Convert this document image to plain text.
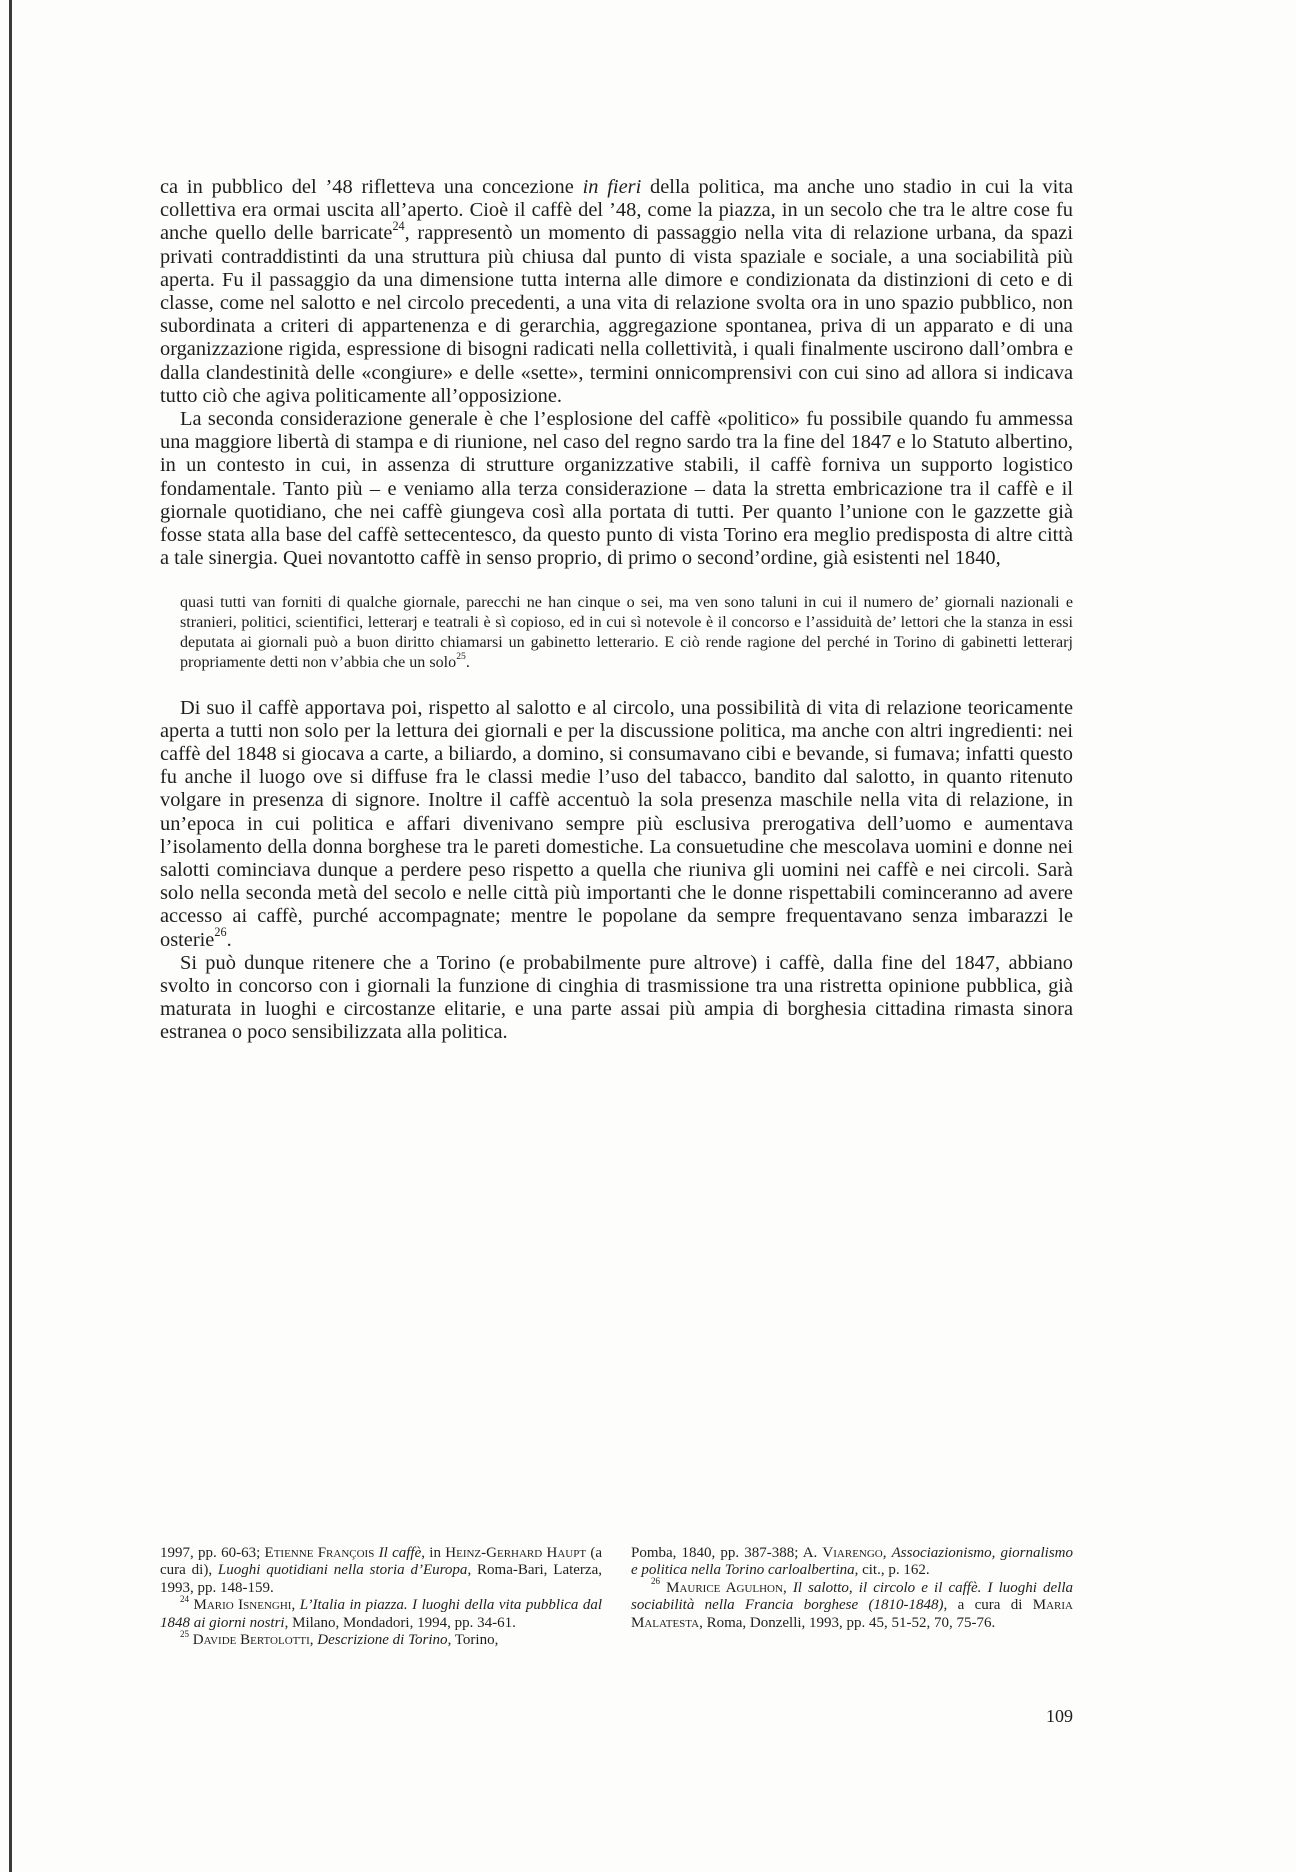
ca in pubblico del ’48 rifletteva una concezione in fieri della politica, ma anche uno stadio in cui la vita collettiva era ormai uscita all’aperto. Cioè il caffè del ’48, come la piazza, in un secolo che tra le altre cose fu anche quello delle barricate$^{24}$, rappresentò un momento di passaggio nella vita di relazione urbana, da spazi privati contraddistinti da una struttura più chiusa dal punto di vista spaziale e sociale, a una sociabilità più aperta. Fu il passaggio da una dimensione tutta interna alle dimore e condizionata da distinzioni di ceto e di classe, come nel salotto e nel circolo precedenti, a una vita di relazione svolta ora in uno spazio pubblico, non subordinata a criteri di appartenenza e di gerarchia, aggregazione spontanea, priva di un apparato e di una organizzazione rigida, espressione di bisogni radicati nella collettività, i quali finalmente uscirono dall’ombra e dalla clandestinità delle «congiure» e delle «sette», termini onnicomprensivi con cui sino ad allora si indicava tutto ciò che agiva politicamente all’opposizione.

La seconda considerazione generale è che l’esplosione del caffè «politico» fu possibile quando fu ammessa una maggiore libertà di stampa e di riunione, nel caso del regno sardo tra la fine del 1847 e lo Statuto albertino, in un contesto in cui, in assenza di strutture organizzative stabili, il caffè forniva un supporto logistico fondamentale. Tanto più – e veniamo alla terza considerazione – data la stretta embricazione tra il caffè e il giornale quotidiano, che nei caffè giungeva così alla portata di tutti. Per quanto l’unione con le gazzette già fosse stata alla base del caffè settecentesco, da questo punto di vista Torino era meglio predisposta di altre città a tale sinergia. Quei novantotto caffè in senso proprio, di primo o second’ordine, già esistenti nel 1840,

quasi tutti van forniti di qualche giornale, parecchi ne han cinque o sei, ma ven sono taluni in cui il numero de’ giornali nazionali e stranieri, politici, scientifici, letterarj e teatrali è sì copioso, ed in cui sì notevole è il concorso e l’assiduità de’ lettori che la stanza in essi deputata ai giornali può a buon diritto chiamarsi un gabinetto letterario. E ciò rende ragione del perché in Torino di gabinetti letterarj propriamente detti non v’abbia che un solo$^{25}$.

Di suo il caffè apportava poi, rispetto al salotto e al circolo, una possibilità di vita di relazione teoricamente aperta a tutti non solo per la lettura dei giornali e per la discussione politica, ma anche con altri ingredienti: nei caffè del 1848 si giocava a carte, a biliardo, a domino, si consumavano cibi e bevande, si fumava; infatti questo fu anche il luogo ove si diffuse fra le classi medie l’uso del tabacco, bandito dal salotto, in quanto ritenuto volgare in presenza di signore. Inoltre il caffè accentuò la sola presenza maschile nella vita di relazione, in un’epoca in cui politica e affari divenivano sempre più esclusiva prerogativa dell’uomo e aumentava l’isolamento della donna borghese tra le pareti domestiche. La consuetudine che mescolava uomini e donne nei salotti cominciava dunque a perdere peso rispetto a quella che riuniva gli uomini nei caffè e nei circoli. Sarà solo nella seconda metà del secolo e nelle città più importanti che le donne rispettabili cominceranno ad avere accesso ai caffè, purché accompagnate; mentre le popolane da sempre frequentavano senza imbarazzi le osterie$^{26}$.

Si può dunque ritenere che a Torino (e probabilmente pure altrove) i caffè, dalla fine del 1847, abbiano svolto in concorso con i giornali la funzione di cinghia di trasmissione tra una ristretta opinione pubblica, già maturata in luoghi e circostanze elitarie, e una parte assai più ampia di borghesia cittadina rimasta sinora estranea o poco sensibilizzata alla politica.

1997, pp. 60-63; Etienne François Il caffè, in Heinz-Gerhard Haupt (a cura di), Luoghi quotidiani nella storia d’Europa, Roma-Bari, Laterza, 1993, pp. 148-159.

$^{24}$ Mario Isnenghi, L’Italia in piazza. I luoghi della vita pubblica dal 1848 ai giorni nostri, Milano, Mondadori, 1994, pp. 34-61.

$^{25}$ Davide Bertolotti, Descrizione di Torino, Torino,

Pomba, 1840, pp. 387-388; A. Viarengo, Associazionismo, giornalismo e politica nella Torino carloalbertina, cit., p. 162.

$^{26}$ Maurice Agulhon, Il salotto, il circolo e il caffè. I luoghi della sociabilità nella Francia borghese (1810-1848), a cura di Maria Malatesta, Roma, Donzelli, 1993, pp. 45, 51-52, 70, 75-76.

109
